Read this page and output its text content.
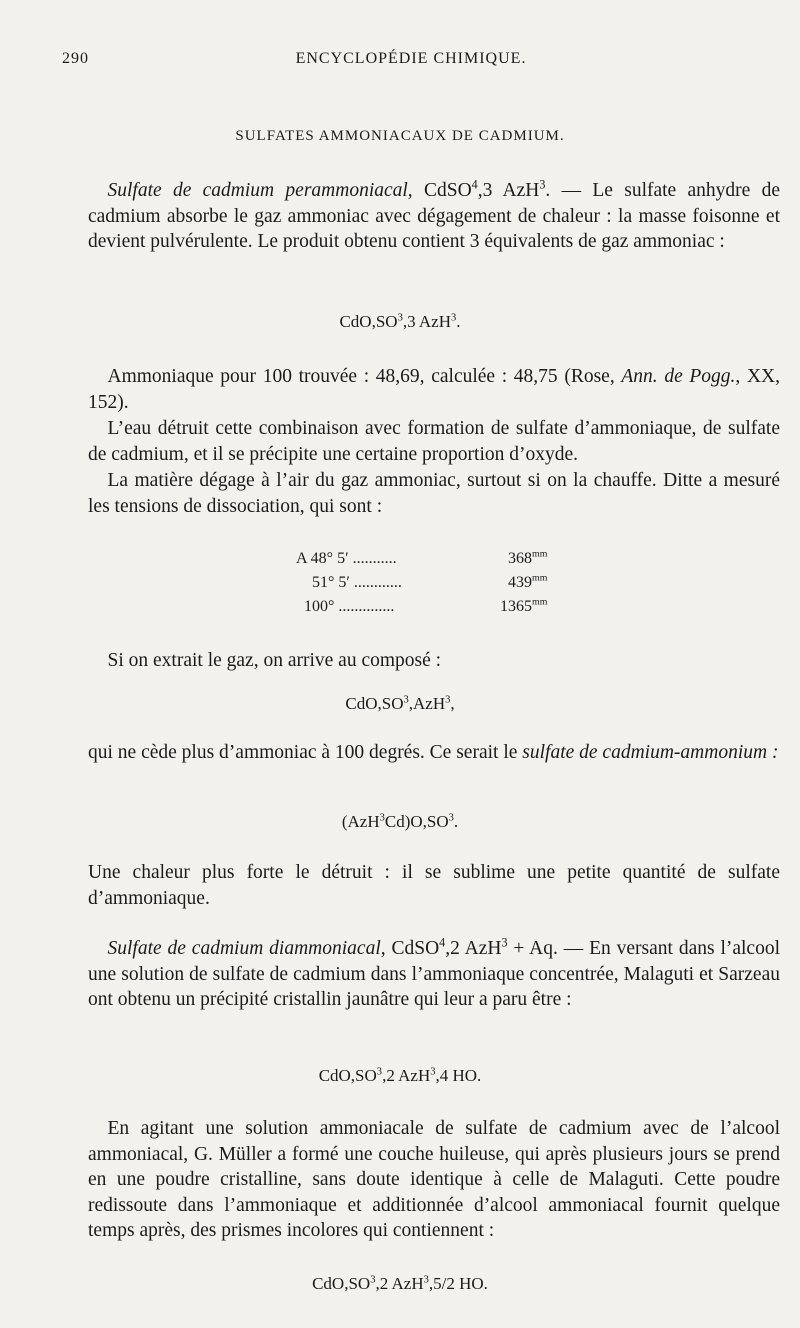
290	ENCYCLOPÉDIE CHIMIQUE.
SULFATES AMMONIACAUX DE CADMIUM.
 Sulfate de cadmium perammoniacal, CdSO$^4$,3 AzH$^3$. — Le sulfate anhydre de cadmium absorbe le gaz ammoniac avec dégagement de chaleur : la masse foisonne et devient pulvérulente. Le produit obtenu contient 3 équivalents de gaz ammoniac :
$CdO,SO^3,3$ AzH$^3$.
 Ammoniaque pour 100 trouvée : 48,69, calculée : 48,75 (Rose, Ann. de Pogg., XX, 152).
 L’eau détruit cette combinaison avec formation de sulfate d’ammoniaque, de sulfate de cadmium, et il se précipite une certaine proportion d’oxyde.
 La matière dégage à l’air du gaz ammoniac, surtout si on la chauffe. Ditte a mesuré les tensions de dissociation, qui sont :
A 48° 5′ ...........	$368^{mm}$
51° 5′ ............	$439^{mm}$
100° ..............	$1365^{mm}$
 Si on extrait le gaz, on arrive au composé :
$CdO,SO^3,AzH^3$,
qui ne cède plus d’ammoniac à 100 degrés. Ce serait le sulfate de cadmium-ammonium :
$(AzH^3Cd)O,SO^3$.
Une chaleur plus forte le détruit : il se sublime une petite quantité de sulfate d’ammoniaque.
 Sulfate de cadmium diammoniacal, CdSO$^4$,2 AzH$^3$ + Aq. — En versant dans l’alcool une solution de sulfate de cadmium dans l’ammoniaque concentrée, Malaguti et Sarzeau ont obtenu un précipité cristallin jaunâtre qui leur a paru être :
$CdO,SO^3,2$ AzH$^3$,4 HO.
 En agitant une solution ammoniacale de sulfate de cadmium avec de l’alcool ammoniacal, G. Müller a formé une couche huileuse, qui après plusieurs jours se prend en une poudre cristalline, sans doute identique à celle de Malaguti. Cette poudre redissoute dans l’ammoniaque et additionnée d’alcool ammoniacal fournit quelque temps après, des prismes incolores qui contiennent :
$CdO,SO^3,2$ AzH$^3$,5/2 HO.
